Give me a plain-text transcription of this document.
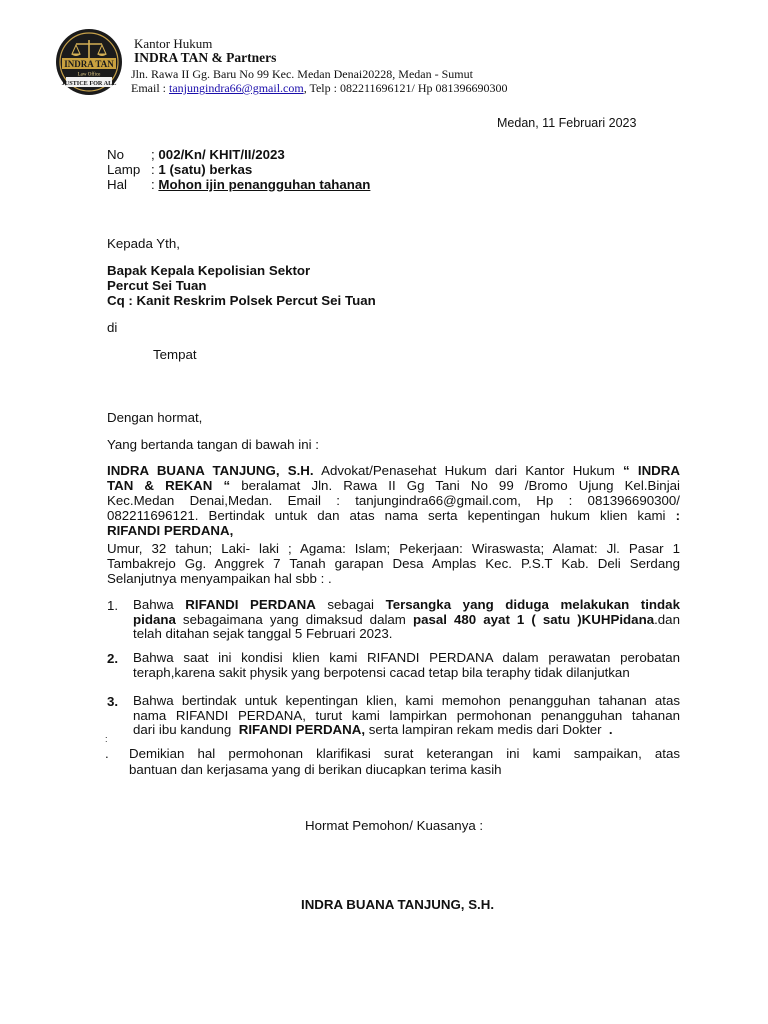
INDRA TAN
Law Office
JUSTICE FOR ALL
Kantor Hukum
INDRA TAN & Partners
Jln. Rawa II Gg. Baru No 99 Kec. Medan Denai20228, Medan - Sumut
Email : tanjungindra66@gmail.com, Telp : 082211696121/ Hp 081396690300
Medan, 11 Februari 2023
No ; 002/Kn/ KHIT/II/2023
Lamp : 1 (satu) berkas
Hal : Mohon ijin penangguhan tahanan
Kepada Yth,
Bapak Kepala Kepolisian Sektor
Percut Sei Tuan
Cq : Kanit Reskrim Polsek Percut Sei Tuan
di
Tempat
Dengan hormat,
Yang bertanda tangan di bawah ini :
INDRA BUANA TANJUNG, S.H. Advokat/Penasehat Hukum dari Kantor Hukum “ INDRA
TAN & REKAN “ beralamat Jln. Rawa II Gg Tani No 99 /Bromo Ujung Kel.Binjai
Kec.Medan Denai,Medan. Email : tanjungindra66@gmail.com, Hp : 081396690300/
082211696121. Bertindak untuk dan atas nama serta kepentingan hukum klien kami :
RIFANDI PERDANA,
Umur, 32 tahun; Laki- laki ; Agama: Islam; Pekerjaan: Wiraswasta; Alamat: Jl. Pasar 1
Tambakrejo Gg. Anggrek 7 Tanah garapan Desa Amplas Kec. P.S.T Kab. Deli Serdang
Selanjutnya menyampaikan hal sbb : .
1. Bahwa RIFANDI PERDANA sebagai Tersangka yang diduga melakukan tindak
pidana sebagaimana yang dimaksud dalam pasal 480 ayat 1 ( satu )KUHPidana.dan
telah ditahan sejak tanggal 5 Februari 2023.
2. Bahwa saat ini kondisi klien kami RIFANDI PERDANA dalam perawatan perobatan
teraph,karena sakit physik yang berpotensi cacad tetap bila teraphy tidak dilanjutkan
3. Bahwa bertindak untuk kepentingan klien, kami memohon penangguhan tahanan atas
nama RIFANDI PERDANA, turut kami lampirkan permohonan penangguhan tahanan
dari ibu kandung RIFANDI PERDANA, serta lampiran rekam medis dari Dokter .
:
. Demikian hal permohonan klarifikasi surat keterangan ini kami sampaikan, atas
bantuan dan kerjasama yang di berikan diucapkan terima kasih
Hormat Pemohon/ Kuasanya :
INDRA BUANA TANJUNG, S.H.
